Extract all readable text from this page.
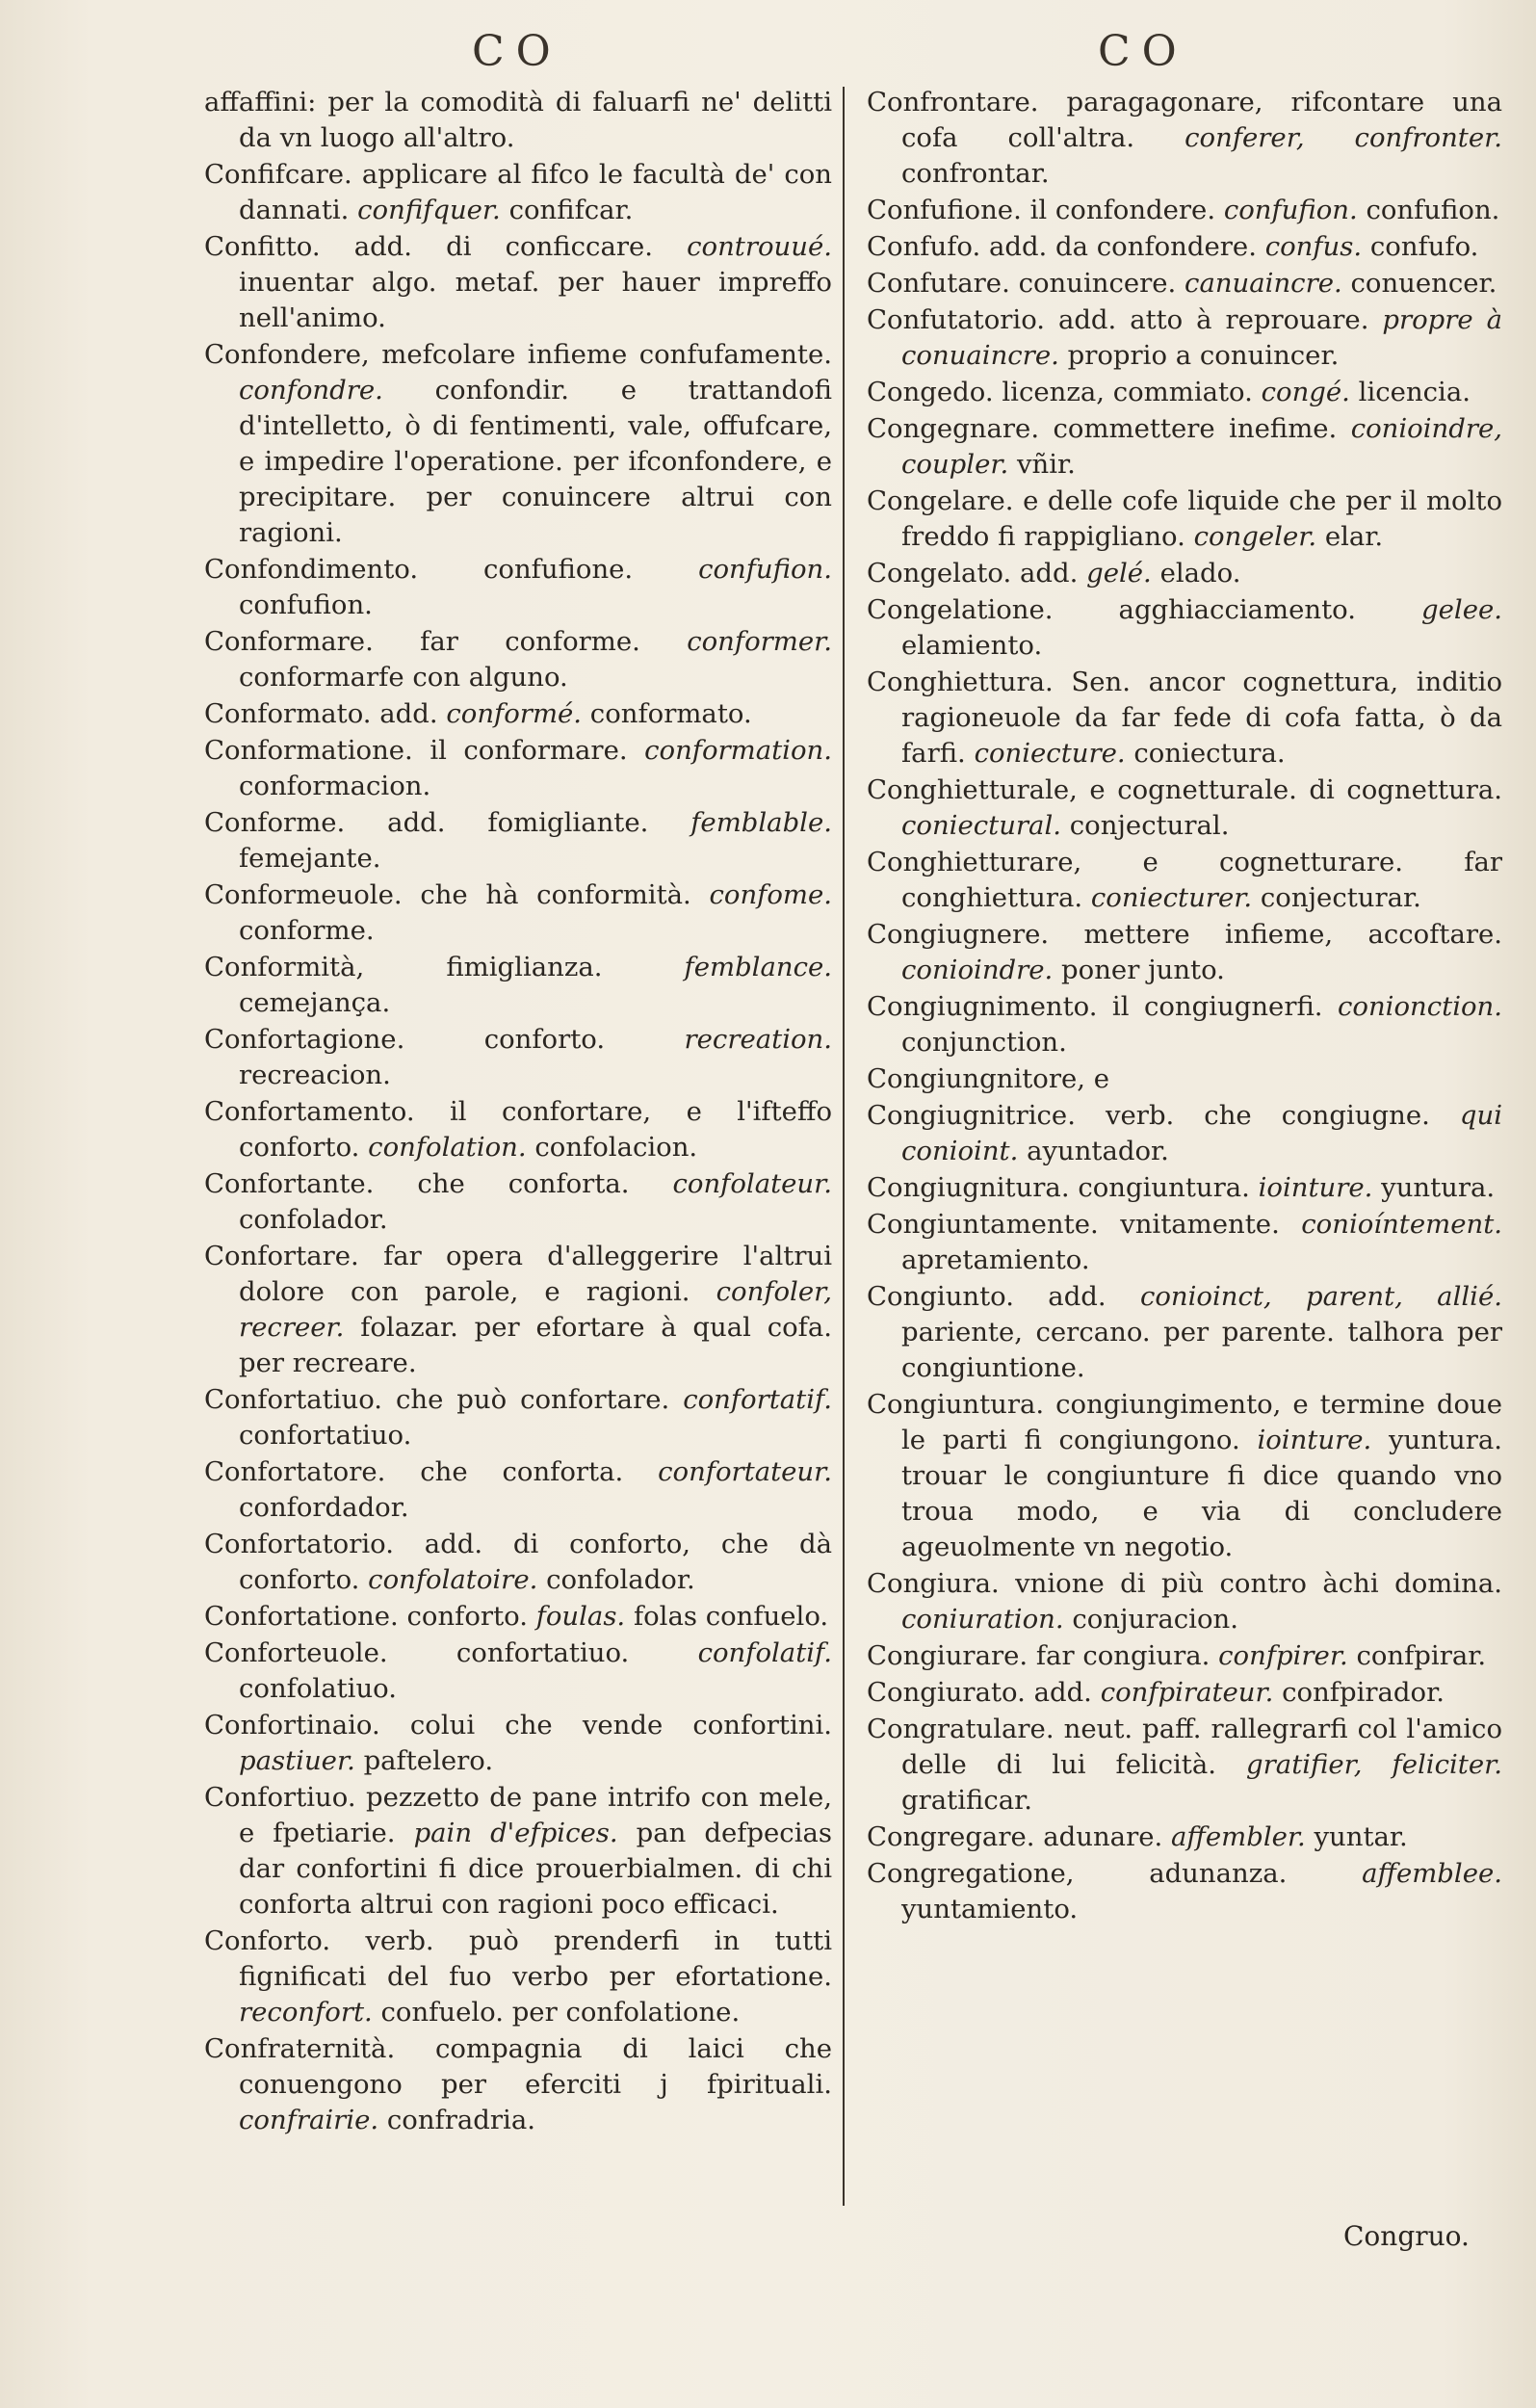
CO	CO

affaffini: per la comodità di faluarfi ne' delitti da vn luogo all'altro.

Confifcare. applicare al fifco le facultà de' con dannati. confifquer. confifcar.

Confitto. add. di conficcare. controuué. inuentar algo. metaf. per hauer impreffo nell'animo.

Confondere, mefcolare infieme confufamente. confondre. confondir. e trattandofi d'intelletto, ò di fentimenti, vale, offufcare, e impedire l'operatione. per ifconfondere, e precipitare. per conuincere altrui con ragioni.

Confondimento. confufione. confufion. confufion.

Conformare. far conforme. conformer. conformarfe con alguno.

Conformato. add. conformé. conformato.

Conformatione. il conformare. conformation. conformacion.

Conforme. add. fomigliante. femblable. femejante.

Conformeuole. che hà conformità. confome. conforme.

Conformità,	fimiglianza.	femblance. cemejança.

Confortagione.	conforto.	recreation. recreacion.

Confortamento. il confortare, e l'ifteffo conforto. confolation. confolacion.

Confortante. che conforta. confolateur. confolador.

Confortare. far opera d'alleggerire l'altrui dolore con parole, e ragioni. confoler, recreer. folazar. per efortare à qual cofa. per recreare.

Confortatiuo. che può confortare. confortatif. confortatiuo.

Confortatore. che conforta. confortateur. confordador.

Confortatorio. add. di conforto, che dà conforto. confolatoire. confolador.

Confortatione. conforto. foulas. folas confuelo.

Conforteuole.	confortatiuo.	confolatif. confolatiuo.

Confortinaio. colui che vende confortini. pastiuer. paftelero.

Confortiuo. pezzetto de pane intrifo con mele, e fpetiarie. pain d'efpices. pan defpecias dar confortini fi dice prouerbialmen. di chi conforta altrui con ragioni poco efficaci.

Conforto. verb. può prenderfi in tutti fignificati del fuo verbo per efortatione. reconfort. confuelo. per confolatione.

Confraternità. compagnia di laici che conuengono per eferciti j fpirituali. confrairie. confradria.

Confrontare. paragagonare, rifcontare una cofa coll'altra. conferer, confronter. confrontar.

Confufione. il confondere. confufion. confufion.

Confufo. add. da confondere. confus. confufo.

Confutare. conuincere. canuaincre. conuencer.

Confutatorio. add. atto à reprouare. propre à conuaincre. proprio a conuincer.

Congedo. licenza, commiato. congé. licencia.

Congegnare. commettere inefime. conioindre, coupler. vñir.

Congelare. e delle cofe liquide che per il molto freddo fi rappigliano. congeler. elar.

Congelato. add. gelé. elado.

Congelatione. agghiacciamento. gelee. elamiento.

Conghiettura. Sen. ancor cognettura, inditio ragioneuole da far fede di cofa fatta, ò da farfi. coniecture. coniectura.

Conghietturale, e cognetturale. di cognettura. coniectural. conjectural.

Conghietturare, e cognetturare. far conghiettura. coniecturer. conjecturar.

Congiugnere. mettere infieme, accoftare. conioindre. poner junto.

Congiugnimento. il congiugnerfi. conionction. conjunction.

Congiungnitore, e

Congiugnitrice. verb. che congiugne. qui conioint. ayuntador.

Congiugnitura. congiuntura. iointure. yuntura.

Congiuntamente. vnitamente. conioíntement. apretamiento.

Congiunto. add. conioinct, parent, allié. pariente, cercano. per parente. talhora per congiuntione.

Congiuntura. congiungimento, e termine doue le parti fi congiungono. iointure. yuntura. trouar le congiunture fi dice quando vno troua modo, e via di concludere ageuolmente vn negotio.

Congiura. vnione di più contro àchi domina. coniuration. conjuracion.

Congiurare. far congiura. confpirer. confpirar.

Congiurato. add. confpirateur. confpirador.

Congratulare. neut. paff. rallegrarfi col l'amico delle di lui felicità. gratifier, feliciter. gratificar.

Congregare. adunare. affembler. yuntar.

Congregatione,	adunanza.	affemblee. yuntamiento.

Congruo.
